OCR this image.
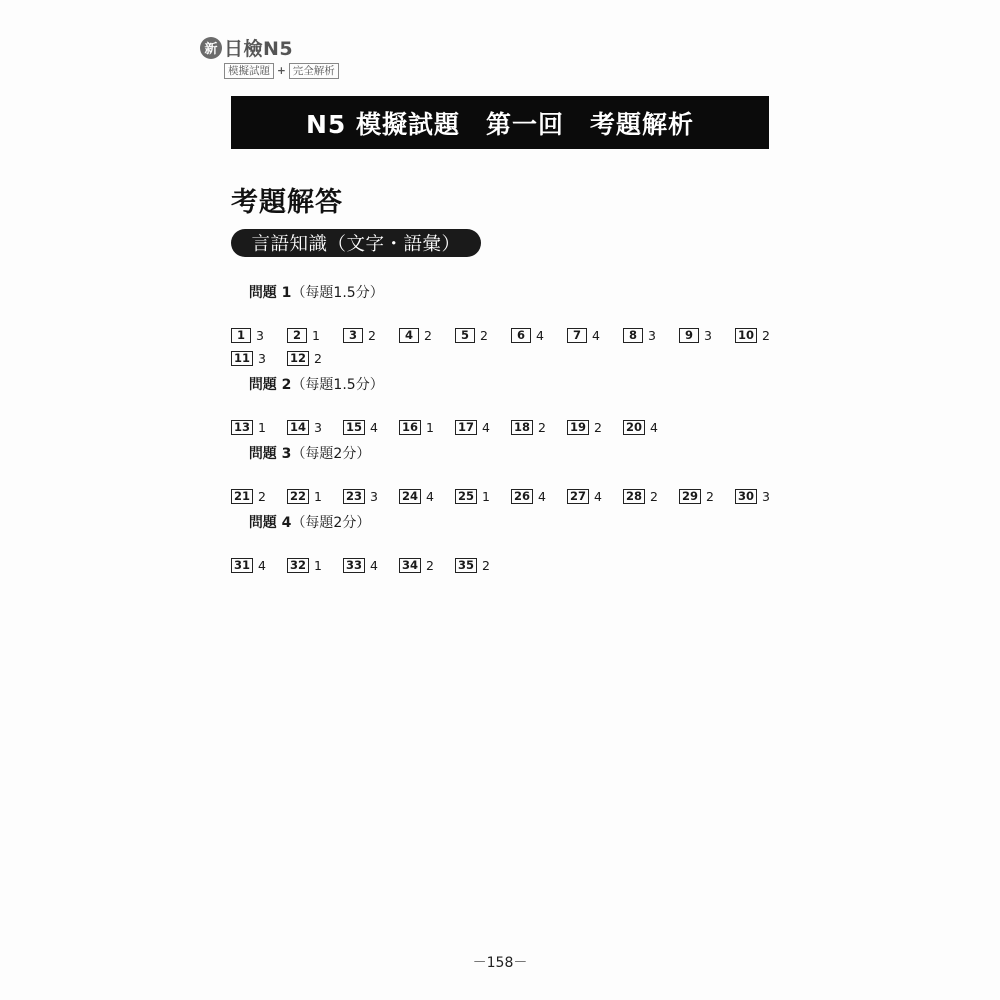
新 日檢N5
模擬試題 + 完全解析
N5 模擬試題　第一回　考題解析
考題解答
言語知識（文字・語彙）

問題 1（每題1.5分）

1 3	2 1	3 2	4 2	5 2	6 4	7 4	8 3	9 3 10 2
11 3 12 2

問題 2（每題1.5分）

13 1 14 3 15 4 16 1 17 4 18 2 19 2 20 4

問題 3（每題2分）

21 2 22 1 23 3 24 4 25 1 26 4 27 4 28 2 29 2 30 3

問題 4（每題2分）

31 4 32 1 33 4 34 2 35 2
－158－
